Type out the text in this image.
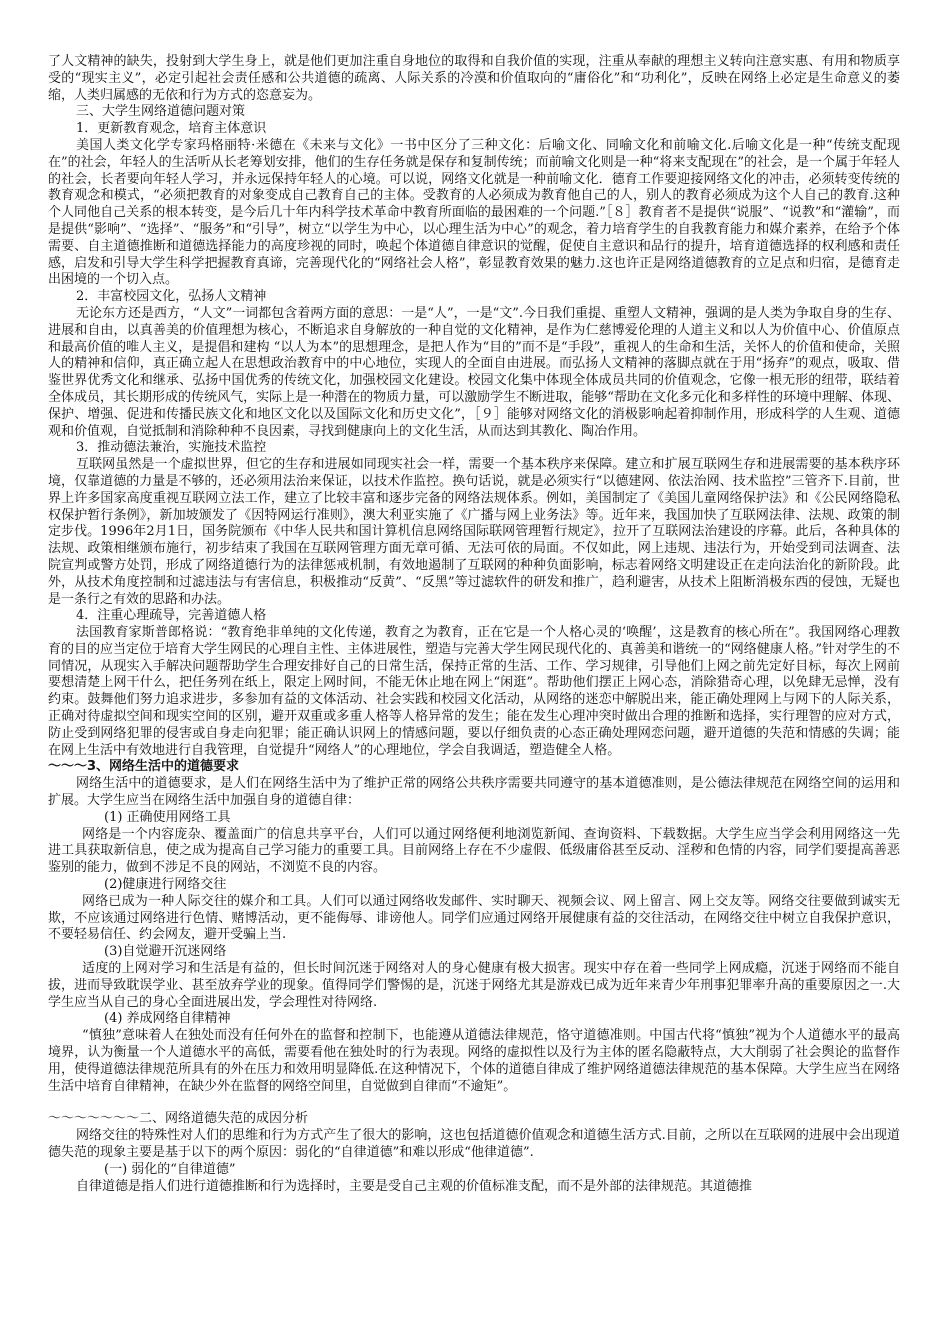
了人文精神的缺失，投射到大学生身上，就是他们更加注重自身地位的取得和自我价值的实现，注重从奉献的理想主义转向注意实惠、有用和物质享受的“现实主义”，必定引起社会责任感和公共道德的疏离、人际关系的冷漠和价值取向的“庸俗化”和“功利化”，反映在网络上必定是生命意义的萎缩，人类归属感的无依和行为方式的恣意妄为。
三、大学生网络道德问题对策
1．更新教育观念，培育主体意识
美国人类文化学专家玛格丽特·米德在《未来与文化》一书中区分了三种文化：后喻文化、同喻文化和前喻文化.后喻文化是一种“传统支配现在”的社会，年轻人的生活听从长老筹划安排，他们的生存任务就是保存和复制传统；而前喻文化则是一种“将来支配现在”的社会，是一个属于年轻人的社会，长者要向年轻人学习，并永远保持年轻人的心境。可以说，网络文化就是一种前喻文化．德育工作要迎接网络文化的冲击，必须转变传统的教育观念和模式，“必须把教育的对象变成自己教育自己的主体。受教育的人必须成为教育他自己的人，别人的教育必须成为这个人自己的教育.这种个人同他自己关系的根本转变，是今后几十年内科学技术革命中教育所面临的最困难的一个问题.”［８］教育者不是提供“说服”、“说教”和“灌输”，而是提供“影响”、“选择”、“服务”和“引导”，树立“以学生为中心，以心理生活为中心”的观念，着力培育学生的自我教育能力和媒介素养，在给予个体需要、自主道德推断和道德选择能力的高度珍视的同时，唤起个体道德自律意识的觉醒，促使自主意识和品行的提升，培育道德选择的权利感和责任感，启发和引导大学生科学把握教育真谛，完善现代化的“网络社会人格”，彰显教育效果的魅力.这也许正是网络道德教育的立足点和归宿，是德育走出困境的一个切入点。
2．丰富校园文化，弘扬人文精神
无论东方还是西方，“人文”一词都包含着两方面的意思：一是“人”，一是“文”.今日我们重提、重塑人文精神，强调的是人类为争取自身的生存、进展和自由，以真善美的价值理想为核心，不断追求自身解放的一种自觉的文化精神，是作为仁慈博爱伦理的人道主义和以人为价值中心、价值原点和最高价值的唯人主义，是提倡和建构 “以人为本”的思想理念，是把人作为“目的”而不是“手段”，重视人的生命和生活，关怀人的价值和使命，关照人的精神和信仰，真正确立起人在思想政治教育中的中心地位，实现人的全面自由进展。而弘扬人文精神的落脚点就在于用“扬弃”的观点，吸取、借鉴世界优秀文化和继承、弘扬中国优秀的传统文化，加强校园文化建设。校园文化集中体现全体成员共同的价值观念，它像一根无形的纽带，联结着全体成员，其长期形成的传统风气，实际上是一种潜在的物质力量，可以激励学生不断进取，能够“帮助在文化多元化和多样性的环境中理解、体现、保护、增强、促进和传播民族文化和地区文化以及国际文化和历史文化”，［９］能够对网络文化的消极影响起着抑制作用，形成科学的人生观、道德观和价值观，自觉抵制和消除种种不良因素，寻找到健康向上的文化生活，从而达到其教化、陶冶作用。
3．推动德法兼治，实施技术监控
互联网虽然是一个虚拟世界，但它的生存和进展如同现实社会一样，需要一个基本秩序来保障。建立和扩展互联网生存和进展需要的基本秩序环境，仅靠道德的力量是不够的，还必须用法治来保证，以技术作监控。换句话说，就是必须实行“以德建网、依法治网、技术监控”三管齐下.目前，世界上许多国家高度重视互联网立法工作，建立了比较丰富和逐步完备的网络法规体系。例如，美国制定了《美国儿童网络保护法》和《公民网络隐私权保护暂行条例》，新加坡颁发了《因特网运行准则》，澳大利亚实施了《广播与网上业务法》等。近年来，我国加快了互联网法律、法规、政策的制定步伐。1996年2月1日，国务院颁布《中华人民共和国计算机信息网络国际联网管理暂行规定》，拉开了互联网法治建设的序幕。此后，各种具体的法规、政策相继颁布施行，初步结束了我国在互联网管理方面无章可循、无法可依的局面。不仅如此，网上违规、违法行为，开始受到司法调查、法院宣判或警方处罚，形成了网络道德行为的法律惩戒机制，有效地遏制了互联网的种种负面影响，标志着网络文明建设正在走向法治化的新阶段。此外，从技术角度控制和过滤违法与有害信息，积极推动“反黄”、“反黑”等过滤软件的研发和推广，趋利避害，从技术上阻断消极东西的侵蚀，无疑也是一条行之有效的思路和办法。
4．注重心理疏导，完善道德人格
法国教育家斯普郎格说：“教育绝非单纯的文化传递，教育之为教育，正在它是一个人格心灵的‘唤醒’，这是教育的核心所在”。我国网络心理教育的目的应当定位于培育大学生网民的心理自主性、主体进展性，塑造与完善大学生网民现代化的、真善美和谐统一的“网络健康人格。”针对学生的不同情况，从现实入手解决问题帮助学生合理安排好自己的日常生活，保持正常的生活、工作、学习规律，引导他们上网之前先定好目标，每次上网前要想清楚上网干什么，把任务列在纸上，限定上网时间，不能无休止地在网上“闲逛”。帮助他们摆正上网心态，消除猎奇心理，以免肆无忌惮，没有约束。鼓舞他们努力追求进步，多参加有益的文体活动、社会实践和校园文化活动，从网络的迷恋中解脱出来，能正确处理网上与网下的人际关系，正确对待虚拟空间和现实空间的区别，避开双重或多重人格等人格异常的发生；能在发生心理冲突时做出合理的推断和选择，实行理智的应对方式，防止受到网络犯罪的侵害或自身走向犯罪；能正确认识网上的情感问题，要以仔细负责的心态正确处理网恋问题，避开道德的失范和情感的失调；能在网上生活中有效地进行自我管理，自觉提升“网络人”的心理地位，学会自我调适，塑造健全人格。
～～～3、网络生活中的道德要求
网络生活中的道德要求，是人们在网络生活中为了维护正常的网络公共秩序需要共同遵守的基本道德准则，是公德法律规范在网络空间的运用和扩展。大学生应当在网络生活中加强自身的道德自律：
(1) 正确使用网络工具
网络是一个内容庞杂、覆盖面广的信息共享平台，人们可以通过网络便利地浏览新闻、查询资料、下载数据。大学生应当学会利用网络这一先进工具获取新信息，使之成为提高自己学习能力的重要工具。目前网络上存在不少虚假、低级庸俗甚至反动、淫秽和色情的内容，同学们要提高善恶鉴别的能力，做到不涉足不良的网站，不浏览不良的内容。
(2)健康进行网络交往
网络已成为一种人际交往的媒介和工具。人们可以通过网络收发邮件、实时聊天、视频会议、网上留言、网上交友等。网络交往要做到诚实无欺，不应该通过网络进行色情、赌博活动，更不能侮辱、诽谤他人。同学们应通过网络开展健康有益的交往活动，在网络交往中树立自我保护意识，不要轻易信任、约会网友，避开受骗上当.
(3)自觉避开沉迷网络
适度的上网对学习和生活是有益的，但长时间沉迷于网络对人的身心健康有极大损害。现实中存在着一些同学上网成瘾，沉迷于网络而不能自拔，进而导致耽误学业、甚至放弃学业的现象。值得同学们警惕的是，沉迷于网络尤其是游戏已成为近年来青少年刑事犯罪率升高的重要原因之一.大学生应当从自己的身心全面进展出发，学会理性对待网络.
(4) 养成网络自律精神
“慎独”意味着人在独处而没有任何外在的监督和控制下，也能遵从道德法律规范，恪守道德准则。中国古代将“慎独”视为个人道德水平的最高境界，认为衡量一个人道德水平的高低，需要看他在独处时的行为表现。网络的虚拟性以及行为主体的匿名隐蔽特点，大大削弱了社会舆论的监督作用，使得道德法律规范所具有的外在压力和效用明显降低.在这种情况下，个体的道德自律成了维护网络道德法律规范的基本保障。大学生应当在网络生活中培育自律精神，在缺少外在监督的网络空间里，自觉做到自律而“不逾矩”。
～～～～～～～二、网络道德失范的成因分析
网络交往的特殊性对人们的思维和行为方式产生了很大的影响，这也包括道德价值观念和道德生活方式.目前，之所以在互联网的进展中会出现道德失范的现象主要是基于以下的两个原因：弱化的“自律道德”和难以形成“他律道德”.
(一) 弱化的“自律道德”
自律道德是指人们进行道德推断和行为选择时，主要是受自己主观的价值标准支配，而不是外部的法律规范。其道德推
